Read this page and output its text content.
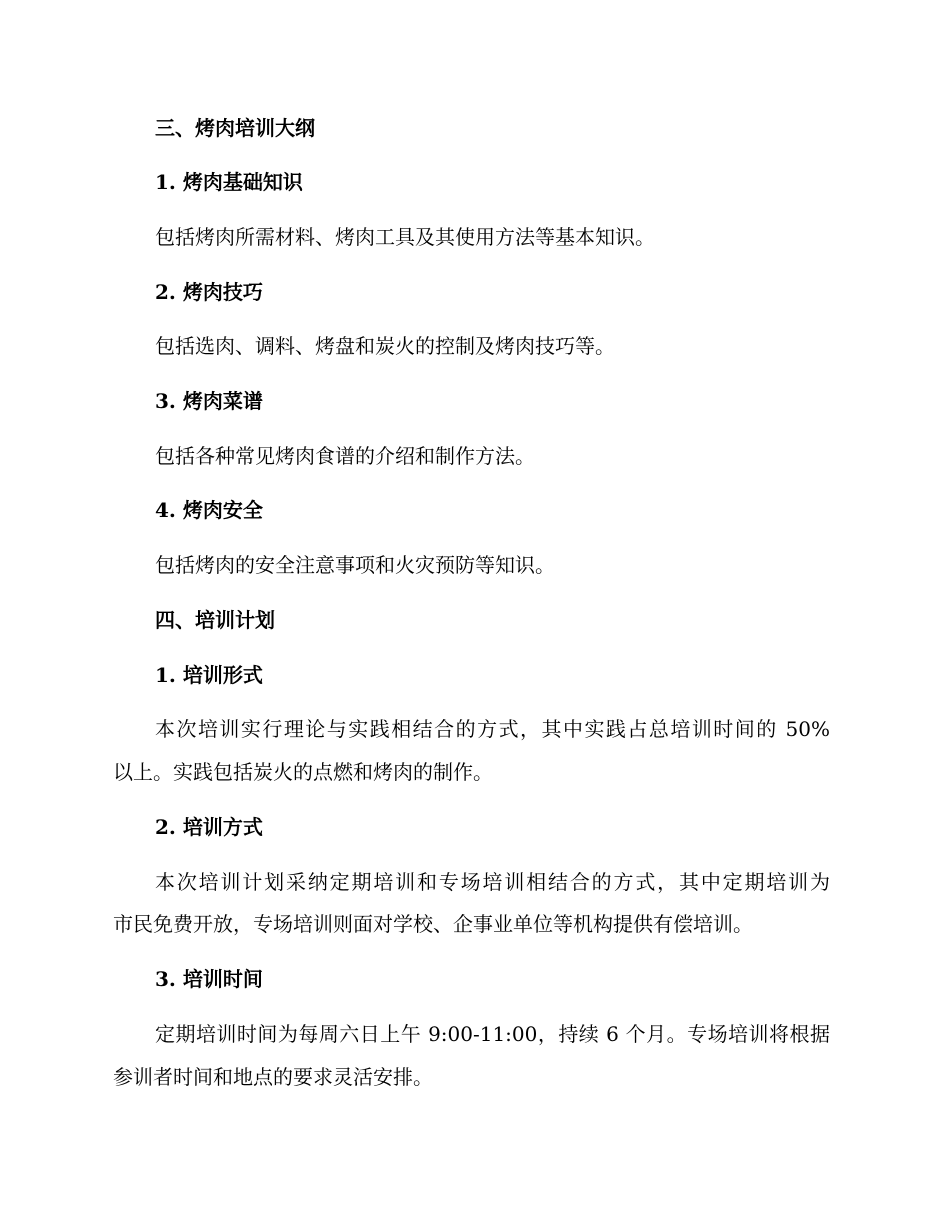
三、烤肉培训大纲
1. 烤肉基础知识
包括烤肉所需材料、烤肉工具及其使用方法等基本知识。
2. 烤肉技巧
包括选肉、调料、烤盘和炭火的控制及烤肉技巧等。
3. 烤肉菜谱
包括各种常见烤肉食谱的介绍和制作方法。
4. 烤肉安全
包括烤肉的安全注意事项和火灾预防等知识。
四、培训计划
1. 培训形式
本次培训实行理论与实践相结合的方式，其中实践占总培训时间的 50%
以上。实践包括炭火的点燃和烤肉的制作。
2. 培训方式
本次培训计划采纳定期培训和专场培训相结合的方式，其中定期培训为
市民免费开放，专场培训则面对学校、企事业单位等机构提供有偿培训。
3. 培训时间
定期培训时间为每周六日上午 9:00-11:00，持续 6 个月。专场培训将根据
参训者时间和地点的要求灵活安排。
